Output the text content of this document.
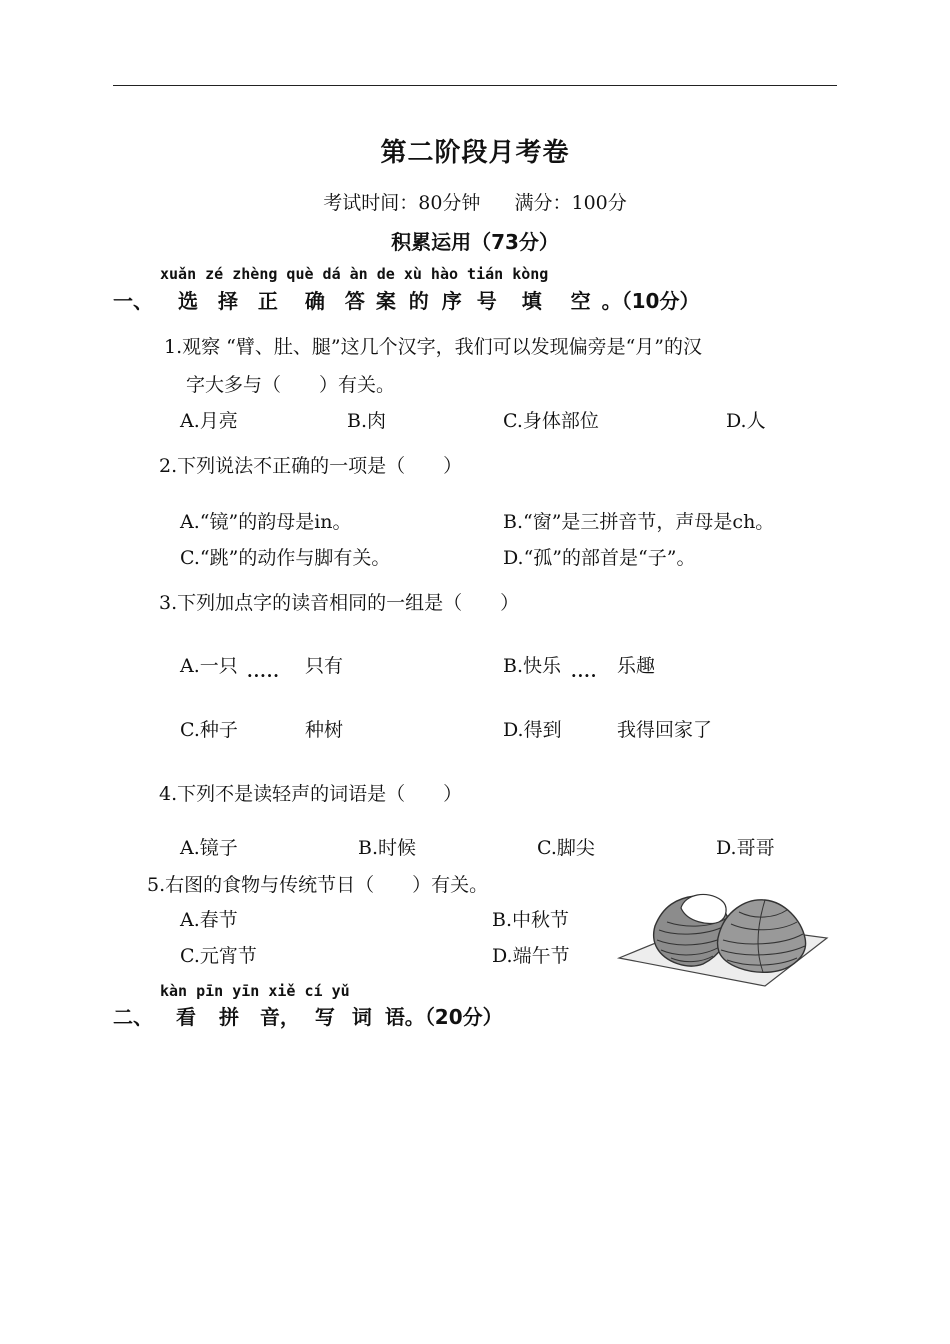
第二阶段月考卷
考试时间：80分钟 满分：100分
积累运用（73分）
xuǎn zé zhèng què dá àn de xù hào tián kòng
一、 选 择 正 确 答 案 的 序 号 填 空 。（10分）
1.观察 “臂、肚、腿”这几个汉字，我们可以发现偏旁是“月”的汉
字大多与（　　）有关。
A.月亮	B.肉	C.身体部位	D.人
2.下列说法不正确的一项是（　　）
A.“镜”的韵母是in。	B.“窗”是三拼音节，声母是ch。
C.“跳”的动作与脚有关。	D.“孤”的部首是“子”。
3.下列加点字的读音相同的一组是（　　）
A.一只 ..... 只有	B.快乐 .... 乐趣
C.种子	种树	D.得到	我得回家了
4.下列不是读轻声的词语是（　　）
A.镜子	B.时候	C.脚尖	D.哥哥
5.右图的食物与传统节日（　　）有关。
A.春节	B.中秋节
C.元宵节	D.端午节
kàn pīn yīn xiě cí yǔ
二、 看 拼 音， 写 词 语。（20分）
